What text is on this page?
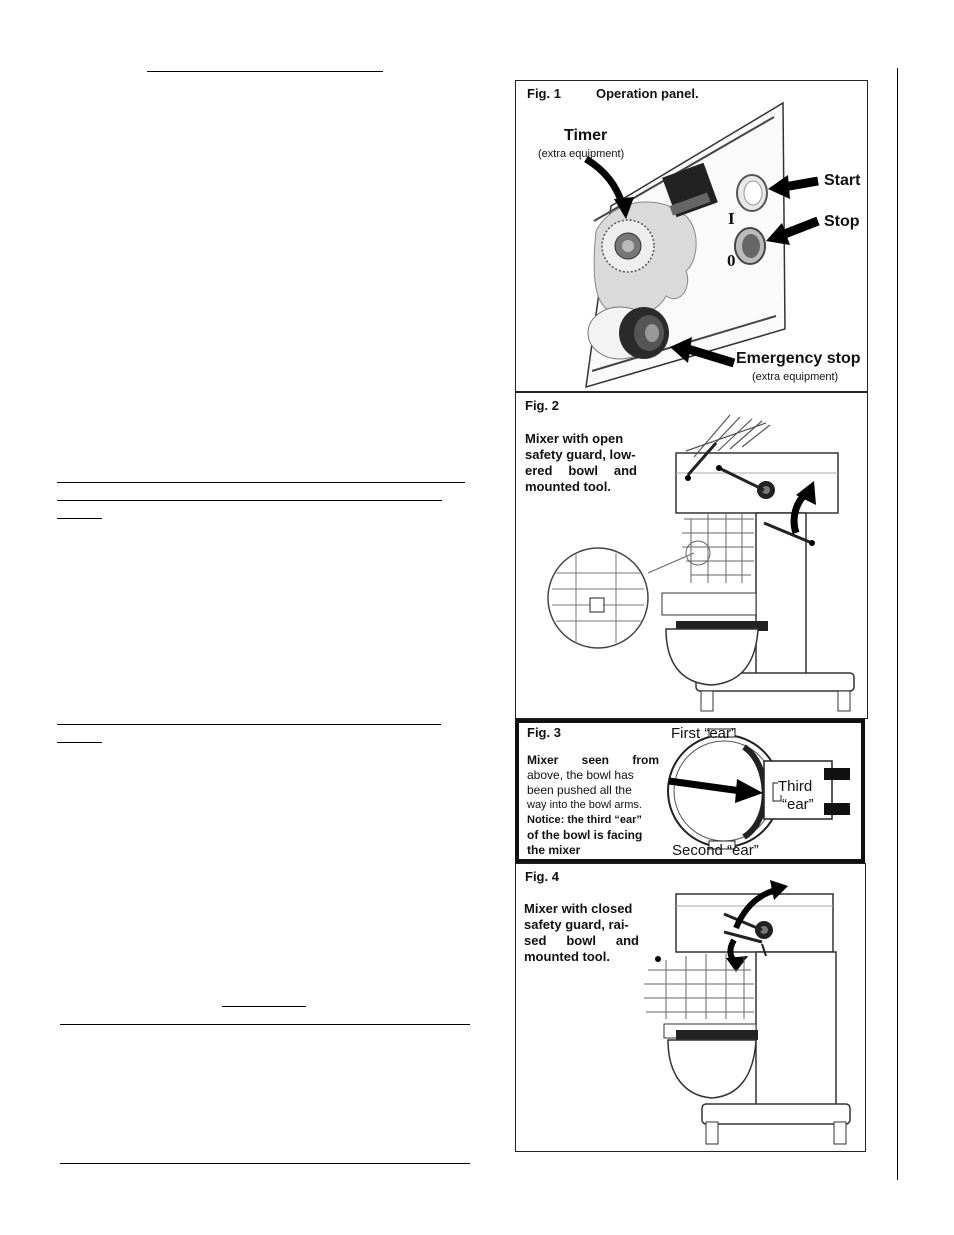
Fig. 1	Operation panel.
Timer
(extra equipment)
Start
Stop
Emergency stop
(extra equipment)
I
0
Fig. 2
Mixer with open
safety guard, low-
ered bowl and
mounted tool.
Fig. 3	First “ear”
Second “ear”
Third
“ear”
Mixer seen from
above, the bowl has
been pushed all the
way into the bowl arms.
Notice: the third “ear”
of the bowl is facing
the mixer
Fig. 4
Mixer with closed
safety guard, rai-
sed bowl and
mounted tool.
